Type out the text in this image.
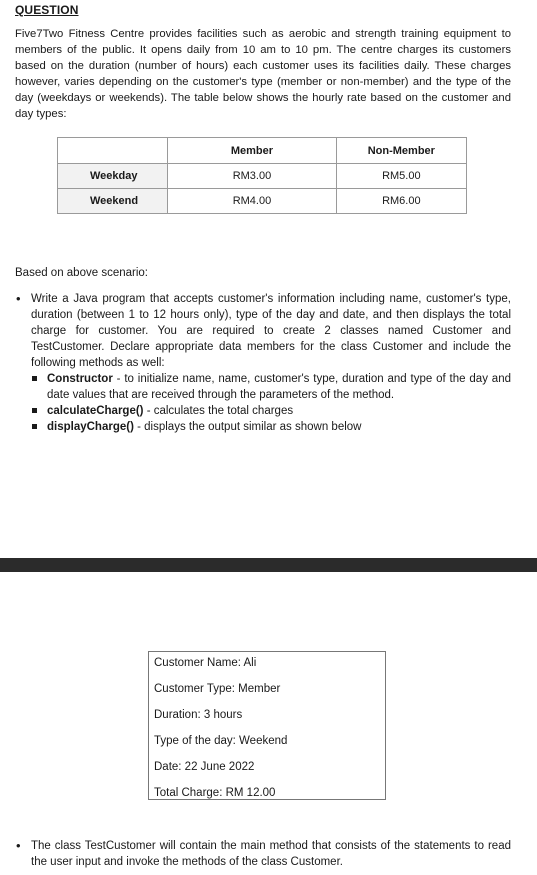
QUESTION

Five7Two Fitness Centre provides facilities such as aerobic and strength training equipment to members of the public. It opens daily from 10 am to 10 pm. The centre charges its customers based on the duration (number of hours) each customer uses its facilities daily. These charges however, varies depending on the customer's type (member or non-member) and the type of the day (weekdays or weekends). The table below shows the hourly rate based on the customer and day types:

	Member	Non-Member
Weekday	RM3.00	RM5.00
Weekend	RM4.00	RM6.00
Based on above scenario:
• Write a Java program that accepts customer's information including name, customer's type, duration (between 1 to 12 hours only), type of the day and date, and then displays the total charge for customer. You are required to create 2 classes named Customer and TestCustomer. Declare appropriate data members for the class Customer and include the following methods as well:
Constructor - to initialize name, name, customer's type, duration and type of the day and date values that are received through the parameters of the method.
calculateCharge() - calculates the total charges
displayCharge() - displays the output similar as shown below
Customer Name: Ali
Customer Type: Member
Duration: 3 hours
Type of the day: Weekend
Date: 22 June 2022
Total Charge: RM 12.00
• The class TestCustomer will contain the main method that consists of the statements to read the user input and invoke the methods of the class Customer.
